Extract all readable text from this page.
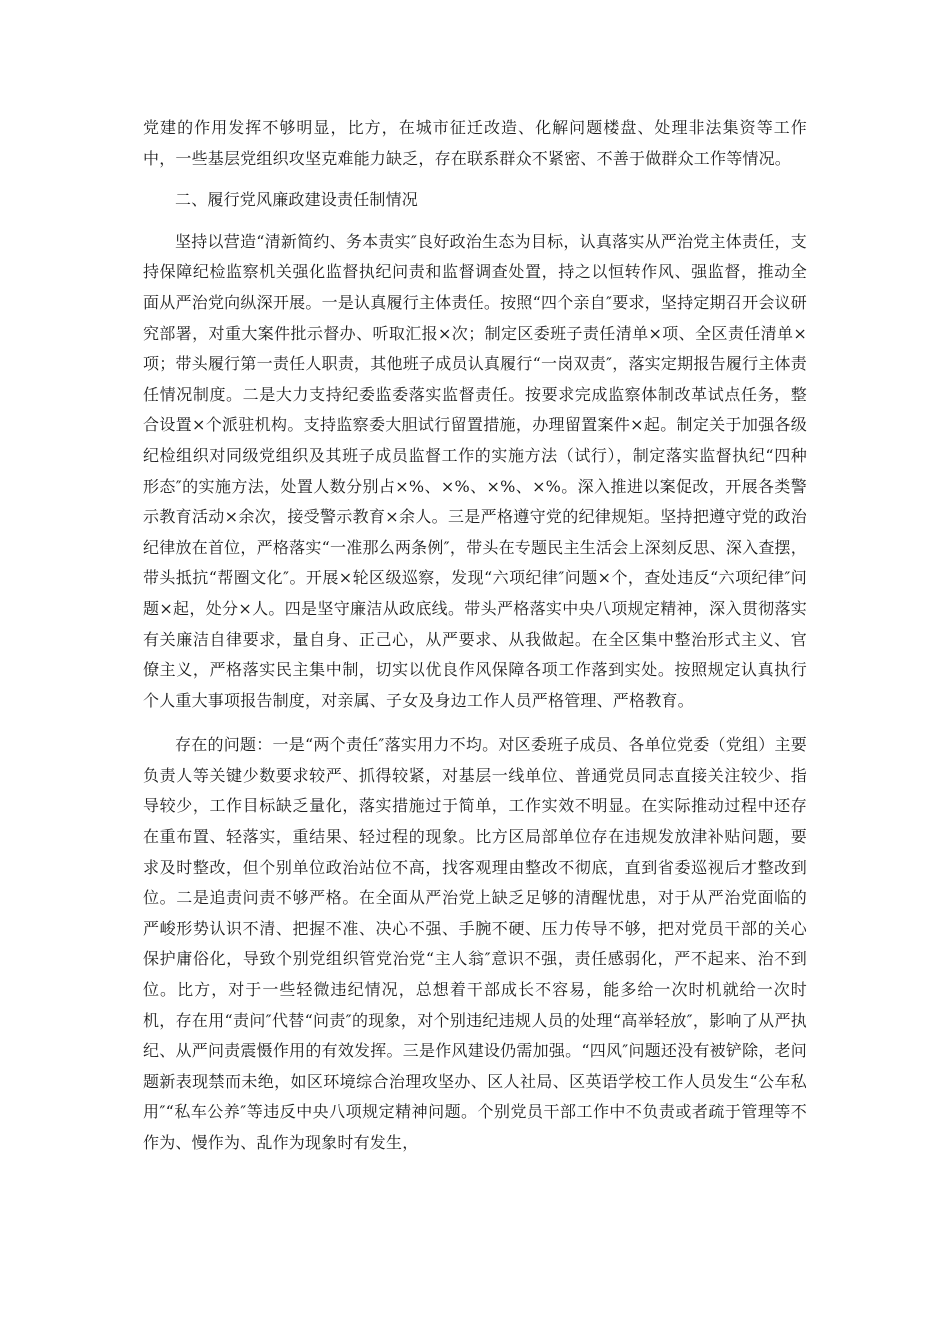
党建的作用发挥不够明显，比方，在城市征迁改造、化解问题楼盘、处理非法集资等工作中，一些基层党组织攻坚克难能力缺乏，存在联系群众不紧密、不善于做群众工作等情况。

二、履行党风廉政建设责任制情况

坚持以营造“清新简约、务本责实″良好政治生态为目标，认真落实从严治党主体责任，支持保障纪检监察机关强化监督执纪问责和监督调查处置，持之以恒转作风、强监督，推动全面从严治党向纵深开展。一是认真履行主体责任。按照“四个亲自″要求，坚持定期召开会议研究部署，对重大案件批示督办、听取汇报×次；制定区委班子责任清单×项、全区责任清单×项；带头履行第一责任人职责，其他班子成员认真履行“一岗双责″，落实定期报告履行主体责任情况制度。二是大力支持纪委监委落实监督责任。按要求完成监察体制改革试点任务，整合设置×个派驻机构。支持监察委大胆试行留置措施，办理留置案件×起。制定关于加强各级纪检组织对同级党组织及其班子成员监督工作的实施方法（试行），制定落实监督执纪“四种形态″的实施方法，处置人数分别占×%、×%、×%、×%。深入推进以案促改，开展各类警示教育活动×余次，接受警示教育×余人。三是严格遵守党的纪律规矩。坚持把遵守党的政治纪律放在首位，严格落实“一准那么两条例″，带头在专题民主生活会上深刻反思、深入查摆，带头抵抗“帮圈文化″。开展×轮区级巡察，发现“六项纪律″问题×个，查处违反“六项纪律″问题×起，处分×人。四是坚守廉洁从政底线。带头严格落实中央八项规定精神，深入贯彻落实有关廉洁自律要求，量自身、正己心，从严要求、从我做起。在全区集中整治形式主义、官僚主义，严格落实民主集中制，切实以优良作风保障各项工作落到实处。按照规定认真执行个人重大事项报告制度，对亲属、子女及身边工作人员严格管理、严格教育。

存在的问题：一是“两个责任″落实用力不均。对区委班子成员、各单位党委（党组）主要负责人等关键少数要求较严、抓得较紧，对基层一线单位、普通党员同志直接关注较少、指导较少，工作目标缺乏量化，落实措施过于简单，工作实效不明显。在实际推动过程中还存在重布置、轻落实，重结果、轻过程的现象。比方区局部单位存在违规发放津补贴问题，要求及时整改，但个别单位政治站位不高，找客观理由整改不彻底，直到省委巡视后才整改到位。二是追责问责不够严格。在全面从严治党上缺乏足够的清醒忧患，对于从严治党面临的严峻形势认识不清、把握不准、决心不强、手腕不硬、压力传导不够，把对党员干部的关心保护庸俗化，导致个别党组织管党治党“主人翁″意识不强，责任感弱化，严不起来、治不到位。比方，对于一些轻微违纪情况，总想着干部成长不容易，能多给一次时机就给一次时机，存在用“责问″代替“问责″的现象，对个别违纪违规人员的处理“高举轻放″，影响了从严执纪、从严问责震慑作用的有效发挥。三是作风建设仍需加强。“四风″问题还没有被铲除，老问题新表现禁而未绝，如区环境综合治理攻坚办、区人社局、区英语学校工作人员发生“公车私用″“私车公养″等违反中央八项规定精神问题。个别党员干部工作中不负责或者疏于管理等不作为、慢作为、乱作为现象时有发生，
